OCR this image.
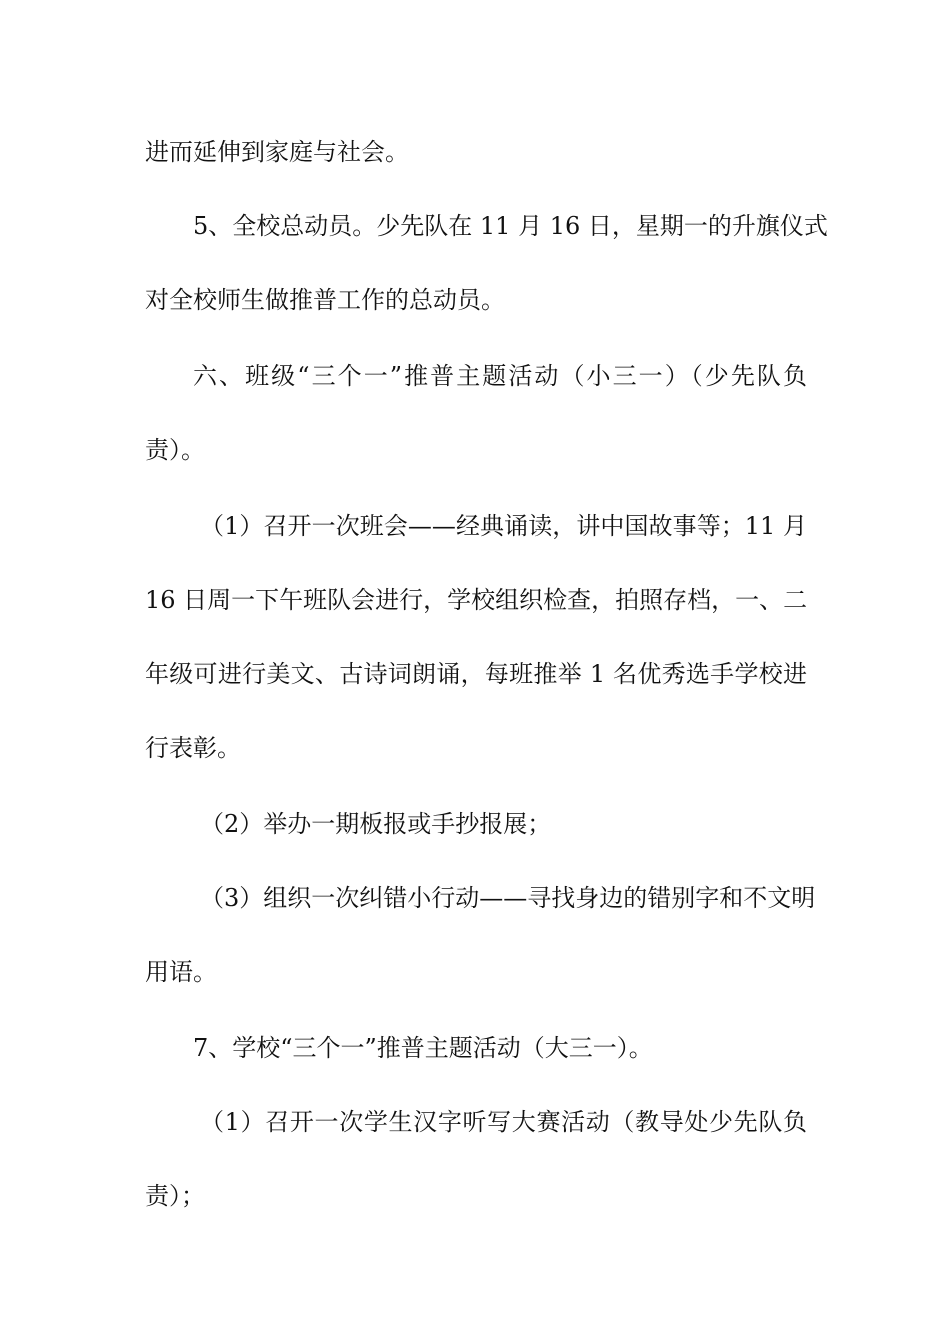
进而延伸到家庭与社会。
5、全校总动员。少先队在 11 月 16 日，星期一的升旗仪式
对全校师生做推普工作的总动员。
六、班级“三个一”推普主题活动（小三一）（少先队负
责）。
（1）召开一次班会——经典诵读，讲中国故事等；11 月
16 日周一下午班队会进行，学校组织检查，拍照存档，一、二
年级可进行美文、古诗词朗诵，每班推举 1 名优秀选手学校进
行表彰。
（2）举办一期板报或手抄报展；
（3）组织一次纠错小行动——寻找身边的错别字和不文明
用语。
7、学校“三个一”推普主题活动（大三一）。
（1）召开一次学生汉字听写大赛活动（教导处少先队负
责）；
